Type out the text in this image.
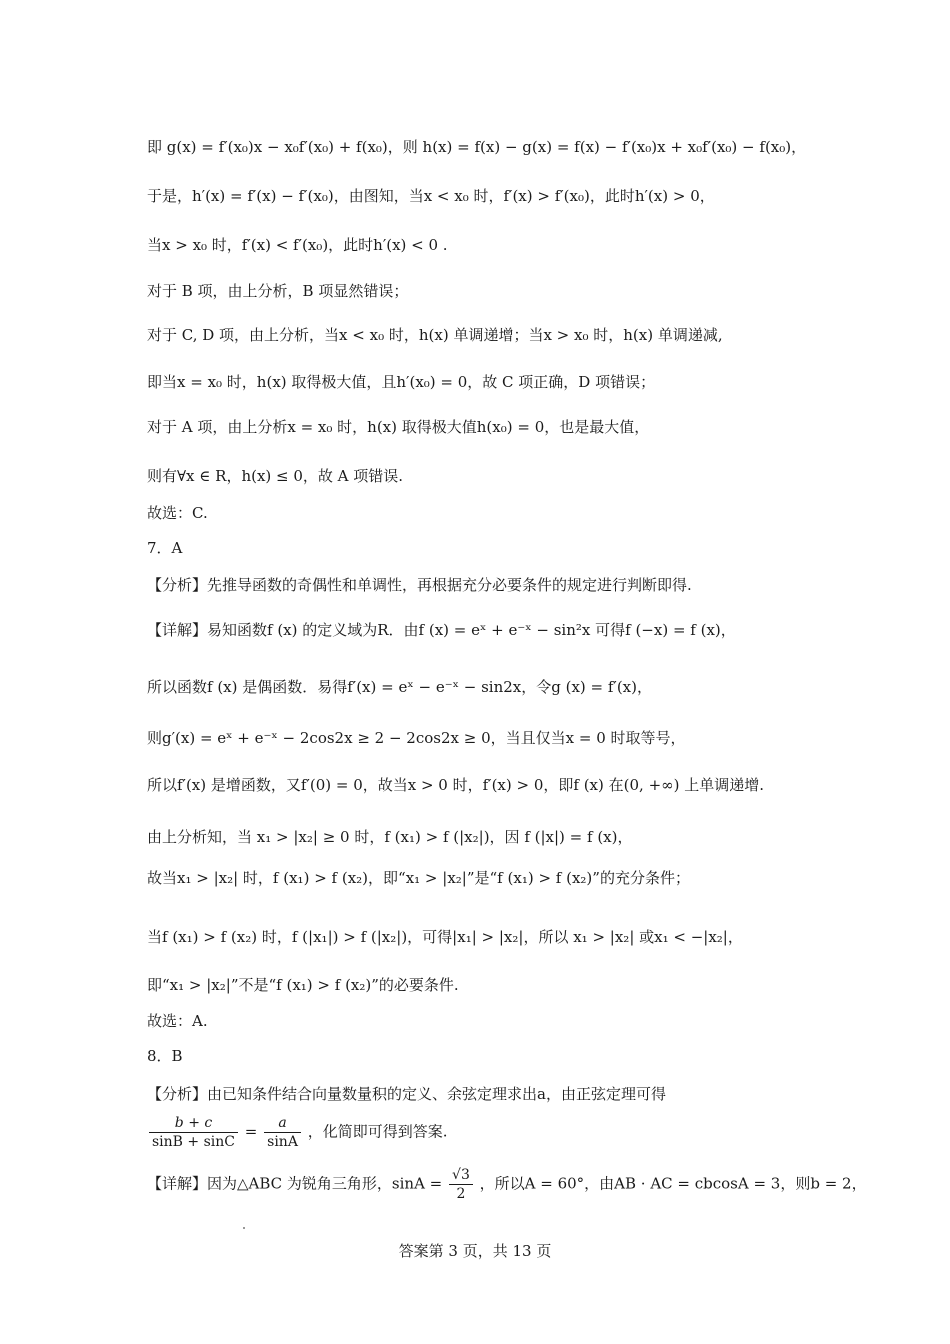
即 g(x) = f′(x₀)x − x₀f′(x₀) + f(x₀)，则 h(x) = f(x) − g(x) = f(x) − f′(x₀)x + x₀f′(x₀) − f(x₀)，
于是，h′(x) = f′(x) − f′(x₀)，由图知，当x < x₀ 时，f′(x) > f′(x₀)，此时h′(x) > 0，
当x > x₀ 时，f′(x) < f′(x₀)，此时h′(x) < 0 .
对于 B 项，由上分析，B 项显然错误；
对于 C, D 项，由上分析，当x < x₀ 时，h(x) 单调递增；当x > x₀ 时，h(x) 单调递减,
即当x = x₀ 时，h(x) 取得极大值，且h′(x₀) = 0，故 C 项正确，D 项错误；
对于 A 项，由上分析x = x₀ 时，h(x) 取得极大值h(x₀) = 0，也是最大值，
则有∀x ∈ R，h(x) ≤ 0，故 A 项错误.
故选：C.
7．A
【分析】先推导函数的奇偶性和单调性，再根据充分必要条件的规定进行判断即得.
【详解】易知函数f (x) 的定义域为R．由f (x) = eˣ + e⁻ˣ − sin²x 可得f (−x) = f (x)，
所以函数f (x) 是偶函数．易得f′(x) = eˣ − e⁻ˣ − sin2x，令g (x) = f′(x)，
则g′(x) = eˣ + e⁻ˣ − 2cos2x ≥ 2 − 2cos2x ≥ 0，当且仅当x = 0 时取等号，
所以f′(x) 是增函数，又f′(0) = 0，故当x > 0 时，f′(x) > 0，即f (x) 在(0, +∞) 上单调递增.
由上分析知，当 x₁ > |x₂| ≥ 0 时，f (x₁) > f (|x₂|)，因 f (|x|) = f (x)，
故当x₁ > |x₂| 时，f (x₁) > f (x₂)，即“x₁ > |x₂|”是“f (x₁) > f (x₂)”的充分条件；
当f (x₁) > f (x₂) 时，f (|x₁|) > f (|x₂|)，可得|x₁| > |x₂|，所以 x₁ > |x₂| 或x₁ < −|x₂|，
即“x₁ > |x₂|”不是“f (x₁) > f (x₂)”的必要条件.
故选：A.
8．B
【分析】由已知条件结合向量数量积的定义、余弦定理求出a，由正弦定理可得
$\frac{b + c}{\sin B + \sin C} = \frac{a}{\sin A}$ ，化简即可得到答案.
【详解】因为△ABC 为锐角三角形，$\sin A = \frac{√3}{2}$ ，所以A = 60°，由AB · AC = cbcosA = 3，则b = 2，
答案第 3 页，共 13 页
